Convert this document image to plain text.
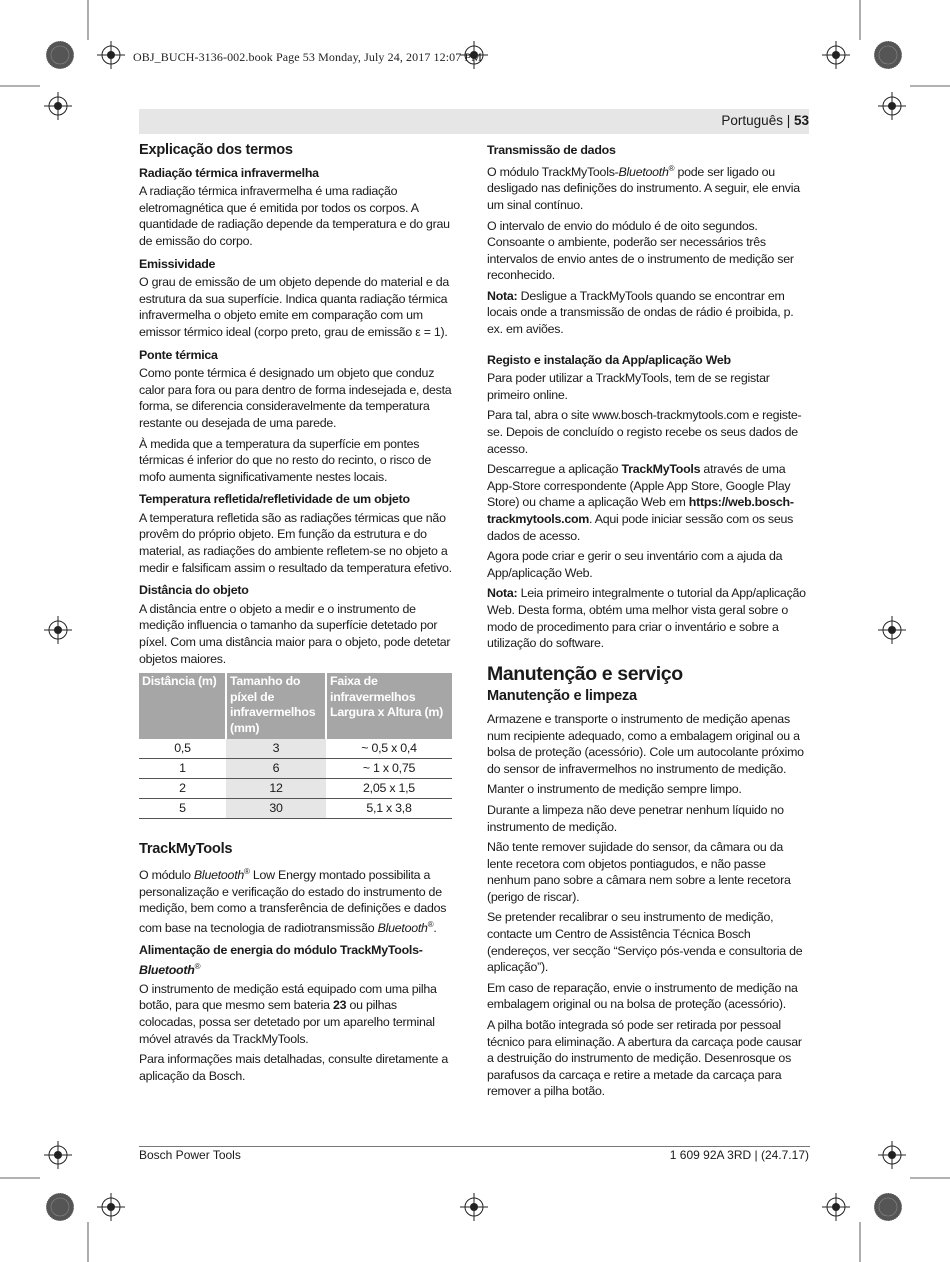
OBJ_BUCH-3136-002.book Page 53 Monday, July 24, 2017 12:07 PM
Português | 53
Explicação dos termos
Radiação térmica infravermelha

A radiação térmica infravermelha é uma radiação eletromagnética que é emitida por todos os corpos. A quantidade de radiação depende da temperatura e do grau de emissão do corpo.

Emissividade

O grau de emissão de um objeto depende do material e da estrutura da sua superfície. Indica quanta radiação térmica infravermelha o objeto emite em comparação com um emissor térmico ideal (corpo preto, grau de emissão ε = 1).

Ponte térmica

Como ponte térmica é designado um objeto que conduz calor para fora ou para dentro de forma indesejada e, desta forma, se diferencia consideravelmente da temperatura restante ou desejada de uma parede.

À medida que a temperatura da superfície em pontes térmicas é inferior do que no resto do recinto, o risco de mofo aumenta significativamente nestes locais.

Temperatura refletida/refletividade de um objeto

A temperatura refletida são as radiações térmicas que não provêm do próprio objeto. Em função da estrutura e do material, as radiações do ambiente refletem-se no objeto a medir e falsificam assim o resultado da temperatura efetivo.

Distância do objeto

A distância entre o objeto a medir e o instrumento de medição influencia o tamanho da superfície detetado por píxel. Com uma distância maior para o objeto, pode detetar objetos maiores.

Distância (m)	Tamanho do píxel de infravermelhos (mm)	Faixa de infravermelhos Largura x Altura (m)
0,5	3	~ 0,5 x 0,4
1	6	~ 1 x 0,75
2	12	2,05 x 1,5
5	30	5,1 x 3,8
TrackMyTools

O módulo Bluetooth® Low Energy montado possibilita a personalização e verificação do estado do instrumento de medição, bem como a transferência de definições e dados com base na tecnologia de radiotransmissão Bluetooth®.

Alimentação de energia do módulo TrackMyTools-
Bluetooth®

O instrumento de medição está equipado com uma pilha botão, para que mesmo sem bateria 23 ou pilhas colocadas, possa ser detetado por um aparelho terminal móvel através da TrackMyTools.

Para informações mais detalhadas, consulte diretamente a aplicação da Bosch.

Transmissão de dados

O módulo TrackMyTools-Bluetooth® pode ser ligado ou desligado nas definições do instrumento. A seguir, ele envia um sinal contínuo.

O intervalo de envio do módulo é de oito segundos. Consoante o ambiente, poderão ser necessários três intervalos de envio antes de o instrumento de medição ser reconhecido.

Nota: Desligue a TrackMyTools quando se encontrar em locais onde a transmissão de ondas de rádio é proibida, p. ex. em aviões.

Registo e instalação da App/aplicação Web

Para poder utilizar a TrackMyTools, tem de se registar primeiro online.

Para tal, abra o site www.bosch-trackmytools.com e registe-se. Depois de concluído o registo recebe os seus dados de acesso.

Descarregue a aplicação TrackMyTools através de uma App-Store correspondente (Apple App Store, Google Play Store) ou chame a aplicação Web em https://web.bosch-trackmytools.com. Aqui pode iniciar sessão com os seus dados de acesso.

Agora pode criar e gerir o seu inventário com a ajuda da App/aplicação Web.

Nota: Leia primeiro integralmente o tutorial da App/aplicação Web. Desta forma, obtém uma melhor vista geral sobre o modo de procedimento para criar o inventário e sobre a utilização do software.

Manutenção e serviço
Manutenção e limpeza

Armazene e transporte o instrumento de medição apenas num recipiente adequado, como a embalagem original ou a bolsa de proteção (acessório). Cole um autocolante próximo do sensor de infravermelhos no instrumento de medição.

Manter o instrumento de medição sempre limpo.

Durante a limpeza não deve penetrar nenhum líquido no instrumento de medição.

Não tente remover sujidade do sensor, da câmara ou da lente recetora com objetos pontiagudos, e não passe nenhum pano sobre a câmara nem sobre a lente recetora (perigo de riscar).

Se pretender recalibrar o seu instrumento de medição, contacte um Centro de Assistência Técnica Bosch (endereços, ver secção “Serviço pós-venda e consultoria de aplicação”).

Em caso de reparação, envie o instrumento de medição na embalagem original ou na bolsa de proteção (acessório).

A pilha botão integrada só pode ser retirada por pessoal técnico para eliminação. A abertura da carcaça pode causar a destruição do instrumento de medição. Desenrosque os parafusos da carcaça e retire a metade da carcaça para remover a pilha botão.

Bosch Power Tools	1 609 92A 3RD | (24.7.17)
